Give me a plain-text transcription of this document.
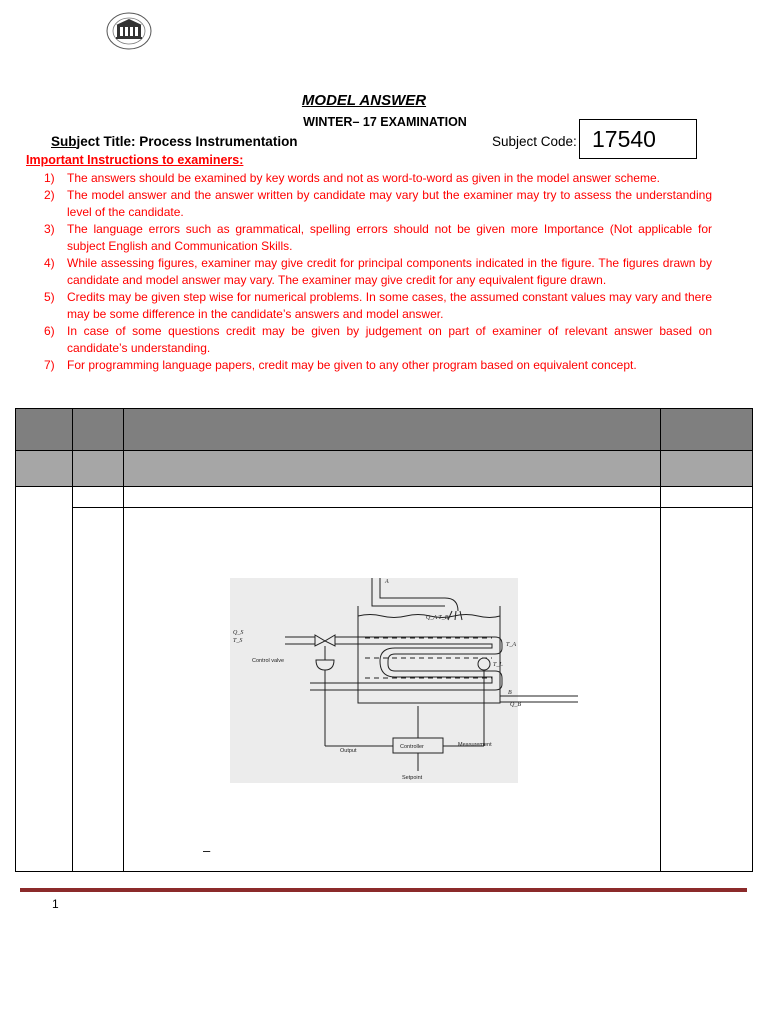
MODEL ANSWER
WINTER– 17 EXAMINATION
Subject Title: Process Instrumentation	Subject Code: 17540
Important Instructions to examiners:
1)	The answers should be examined by key words and not as word-to-word as given in the model answer scheme.
2)	The model answer and the answer written by candidate may vary but the examiner may try to assess the understanding level of the candidate.
3)	The language errors such as grammatical, spelling errors should not be given more Importance (Not applicable for subject English and Communication Skills.
4)	While assessing figures, examiner may give credit for principal components indicated in the figure. The figures drawn by candidate and model answer may vary. The examiner may give credit for any equivalent figure drawn.
5)	Credits may be given step wise for numerical problems. In some cases, the assumed constant values may vary and there may be some difference in the candidate’s answers and model answer.
6)	In case of some questions credit may be given by judgement on part of examiner of relevant answer based on candidate’s understanding.
7)	For programming language papers, credit may be given to any other program based on equivalent concept.
A
Q_A T_B
Q_S
T_S
T_A
T_L
B
Q_B
Control valve
Controller
Output
Measurement
Setpoint
–
1
